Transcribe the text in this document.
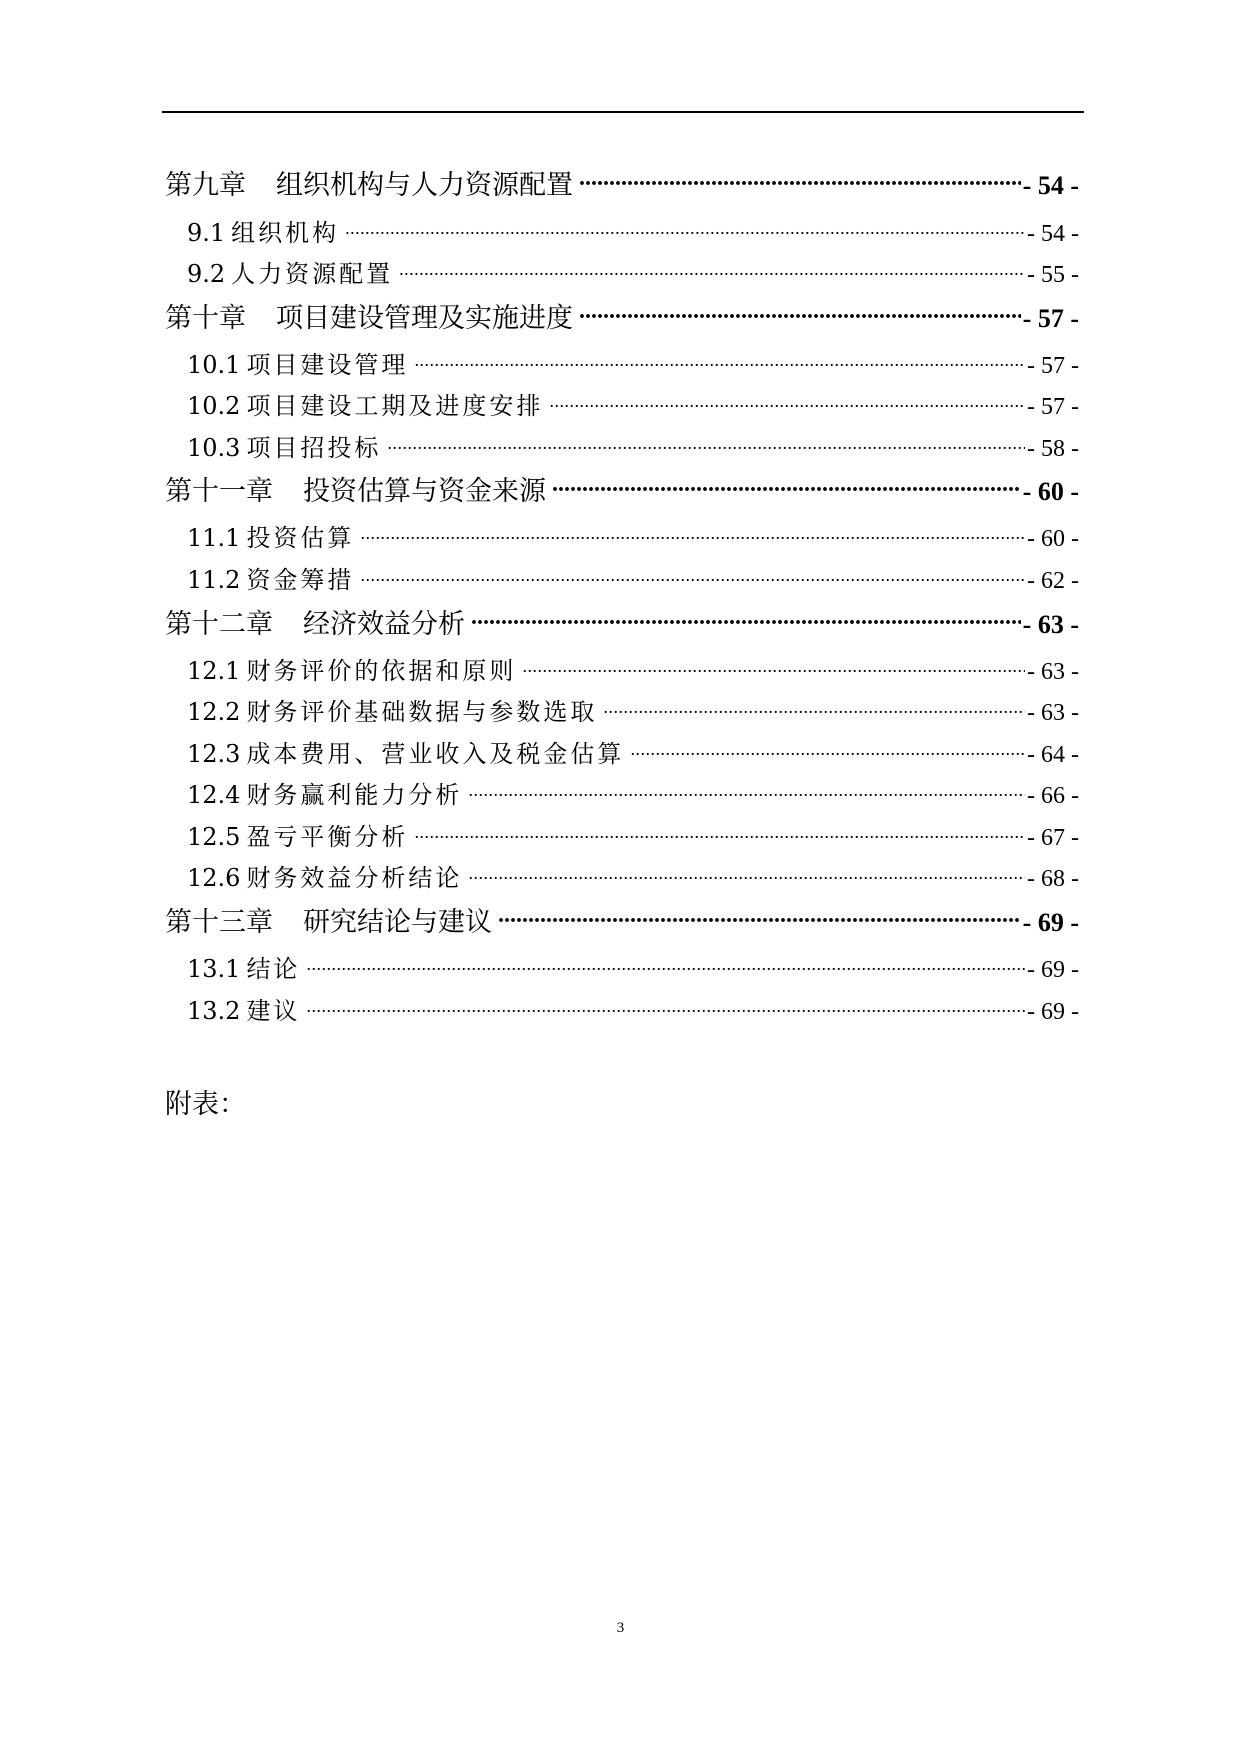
第九章 组织机构与人力资源配置 .....	- 54 -
9.1 组织机构 .....	- 54 -
9.2 人力资源配置 .....	- 55 -
第十章 项目建设管理及实施进度 .....	- 57 -
10.1 项目建设管理 .....	- 57 -
10.2 项目建设工期及进度安排 .....	- 57 -
10.3 项目招投标 .....	- 58 -
第十一章 投资估算与资金来源 .....	- 60 -
11.1 投资估算 .....	- 60 -
11.2 资金筹措 .....	- 62 -
第十二章 经济效益分析 .....	- 63 -
12.1 财务评价的依据和原则 .....	- 63 -
12.2 财务评价基础数据与参数选取 .....	- 63 -
12.3 成本费用、营业收入及税金估算 .....	- 64 -
12.4 财务赢利能力分析 .....	- 66 -
12.5 盈亏平衡分析 .....	- 67 -
12.6 财务效益分析结论 .....	- 68 -
第十三章 研究结论与建议 .....	- 69 -
13.1 结论 .....	- 69 -
13.2 建议 .....	- 69 -
附表：
3
